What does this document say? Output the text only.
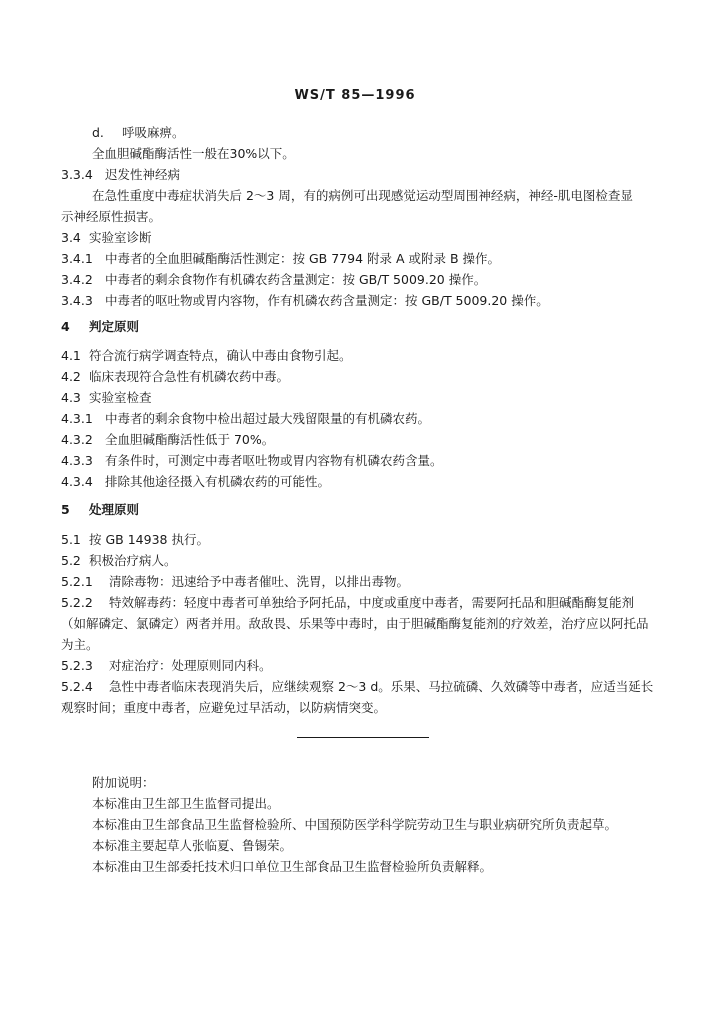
WS/T 85—1996
d. 呼吸麻痹。
全血胆碱酯酶活性一般在30%以下。
3.3.4 迟发性神经病
在急性重度中毒症状消失后 2～3 周，有的病例可出现感觉运动型周围神经病，神经-肌电图检查显
示神经原性损害。
3.4 实验室诊断
3.4.1 中毒者的全血胆碱酯酶活性测定：按 GB 7794 附录 A 或附录 B 操作。
3.4.2 中毒者的剩余食物作有机磷农药含量测定：按 GB/T 5009.20 操作。
3.4.3 中毒者的呕吐物或胃内容物，作有机磷农药含量测定：按 GB/T 5009.20 操作。
4 判定原则
4.1 符合流行病学调查特点，确认中毒由食物引起。
4.2 临床表现符合急性有机磷农药中毒。
4.3 实验室检查
4.3.1 中毒者的剩余食物中检出超过最大残留限量的有机磷农药。
4.3.2 全血胆碱酯酶活性低于 70%。
4.3.3 有条件时，可测定中毒者呕吐物或胃内容物有机磷农药含量。
4.3.4 排除其他途径摄入有机磷农药的可能性。
5 处理原则
5.1 按 GB 14938 执行。
5.2 积极治疗病人。
5.2.1 清除毒物：迅速给予中毒者催吐、洗胃，以排出毒物。
5.2.2 特效解毒药：轻度中毒者可单独给予阿托品，中度或重度中毒者，需要阿托品和胆碱酯酶复能剂
（如解磷定、氯磷定）两者并用。敌敌畏、乐果等中毒时，由于胆碱酯酶复能剂的疗效差，治疗应以阿托品
为主。
5.2.3 对症治疗：处理原则同内科。
5.2.4 急性中毒者临床表现消失后，应继续观察 2～3 d。乐果、马拉硫磷、久效磷等中毒者，应适当延长
观察时间；重度中毒者，应避免过早活动，以防病情突变。
附加说明：
本标准由卫生部卫生监督司提出。
本标准由卫生部食品卫生监督检验所、中国预防医学科学院劳动卫生与职业病研究所负责起草。
本标准主要起草人张临夏、鲁锡荣。
本标准由卫生部委托技术归口单位卫生部食品卫生监督检验所负责解释。
